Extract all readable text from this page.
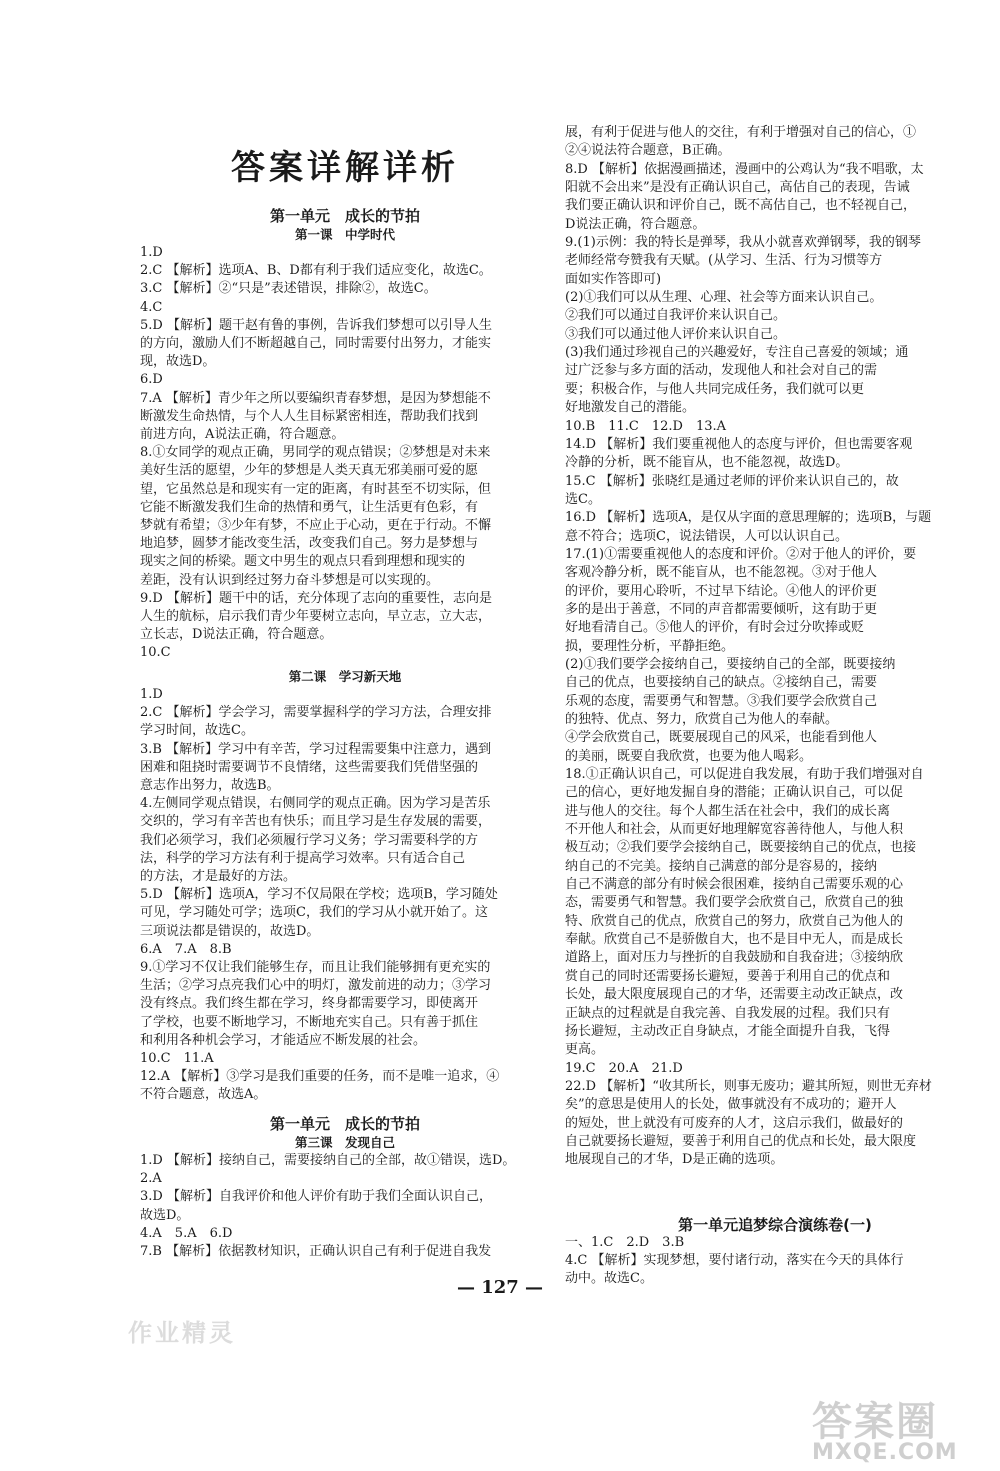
答案详解详析
第一单元　成长的节拍
第一课　中学时代
1.D
2.C 【解析】选项A、B、D都有利于我们适应变化，故选C。
3.C 【解析】②“只是”表述错误，排除②，故选C。
4.C
5.D 【解析】题干赵有鲁的事例，告诉我们梦想可以引导人生
的方向，激励人们不断超越自己，同时需要付出努力，才能实
现，故选D。
6.D
7.A 【解析】青少年之所以要编织青春梦想，是因为梦想能不
断激发生命热情，与个人人生目标紧密相连，帮助我们找到
前进方向，A说法正确，符合题意。
8.①女同学的观点正确，男同学的观点错误；②梦想是对未来
美好生活的愿望，少年的梦想是人类天真无邪美丽可爱的愿
望，它虽然总是和现实有一定的距离，有时甚至不切实际，但
它能不断激发我们生命的热情和勇气，让生活更有色彩，有
梦就有希望；③少年有梦，不应止于心动，更在于行动。不懈
地追梦，圆梦才能改变生活，改变我们自己。努力是梦想与
现实之间的桥梁。题文中男生的观点只看到理想和现实的
差距，没有认识到经过努力奋斗梦想是可以实现的。
9.D 【解析】题干中的话，充分体现了志向的重要性，志向是
人生的航标，启示我们青少年要树立志向，早立志，立大志，
立长志，D说法正确，符合题意。
10.C
第二课　学习新天地
1.D
2.C 【解析】学会学习，需要掌握科学的学习方法，合理安排
学习时间，故选C。
3.B 【解析】学习中有辛苦，学习过程需要集中注意力，遇到
困难和阻挠时需要调节不良情绪，这些需要我们凭借坚强的
意志作出努力，故选B。
4.左侧同学观点错误，右侧同学的观点正确。因为学习是苦乐
交织的，学习有辛苦也有快乐；而且学习是生存发展的需要，
我们必须学习，我们必须履行学习义务；学习需要科学的方
法，科学的学习方法有利于提高学习效率。只有适合自己
的方法，才是最好的方法。
5.D 【解析】选项A，学习不仅局限在学校；选项B，学习随处
可见，学习随处可学；选项C，我们的学习从小就开始了。这
三项说法都是错误的，故选D。
6.A　7.A　8.B
9.①学习不仅让我们能够生存，而且让我们能够拥有更充实的
生活；②学习点亮我们心中的明灯，激发前进的动力；③学习
没有终点。我们终生都在学习，终身都需要学习，即使离开
了学校，也要不断地学习，不断地充实自己。只有善于抓住
和利用各种机会学习，才能适应不断发展的社会。
10.C　11.A
12.A 【解析】③学习是我们重要的任务，而不是唯一追求，④
不符合题意，故选A。
第一单元　成长的节拍
第三课　发现自己
1.D 【解析】接纳自己，需要接纳自己的全部，故①错误，选D。
2.A
3.D 【解析】自我评价和他人评价有助于我们全面认识自己，
故选D。
4.A　5.A　6.D
7.B 【解析】依据教材知识，正确认识自己有利于促进自我发
展，有利于促进与他人的交往，有利于增强对自己的信心，①
②④说法符合题意，B正确。
8.D 【解析】依据漫画描述，漫画中的公鸡认为“我不唱歌，太
阳就不会出来”是没有正确认识自己，高估自己的表现，告诫
我们要正确认识和评价自己，既不高估自己，也不轻视自己，
D说法正确，符合题意。
9.(1)示例：我的特长是弹琴，我从小就喜欢弹钢琴，我的钢琴
老师经常夸赞我有天赋。(从学习、生活、行为习惯等方
面如实作答即可)
(2)①我们可以从生理、心理、社会等方面来认识自己。
②我们可以通过自我评价来认识自己。
③我们可以通过他人评价来认识自己。
(3)我们通过珍视自己的兴趣爱好，专注自己喜爱的领域；通
过广泛参与多方面的活动，发现他人和社会对自己的需
要；积极合作，与他人共同完成任务，我们就可以更
好地激发自己的潜能。
10.B　11.C　12.D　13.A
14.D 【解析】我们要重视他人的态度与评价，但也需要客观
冷静的分析，既不能盲从，也不能忽视，故选D。
15.C 【解析】张晓红是通过老师的评价来认识自己的，故
选C。
16.D 【解析】选项A，是仅从字面的意思理解的；选项B，与题
意不符合；选项C，说法错误，人可以认识自己。
17.(1)①需要重视他人的态度和评价。②对于他人的评价，要
客观冷静分析，既不能盲从，也不能忽视。③对于他人
的评价，要用心聆听，不过早下结论。④他人的评价更
多的是出于善意，不同的声音都需要倾听，这有助于更
好地看清自己。⑤他人的评价，有时会过分吹捧或贬
损，要理性分析，平静拒绝。
(2)①我们要学会接纳自己，要接纳自己的全部，既要接纳
自己的优点，也要接纳自己的缺点。②接纳自己，需要
乐观的态度，需要勇气和智慧。③我们要学会欣赏自己
的独特、优点、努力，欣赏自己为他人的奉献。
④学会欣赏自己，既要展现自己的风采，也能看到他人
的美丽，既要自我欣赏，也要为他人喝彩。
18.①正确认识自己，可以促进自我发展，有助于我们增强对自
己的信心，更好地发掘自身的潜能；正确认识自己，可以促
进与他人的交往。每个人都生活在社会中，我们的成长离
不开他人和社会，从而更好地理解宽容善待他人，与他人积
极互动；②我们要学会接纳自己，既要接纳自己的优点，也接
纳自己的不完美。接纳自己满意的部分是容易的，接纳
自己不满意的部分有时候会很困难，接纳自己需要乐观的心
态，需要勇气和智慧。我们要学会欣赏自己，欣赏自己的独
特、欣赏自己的优点，欣赏自己的努力，欣赏自己为他人的
奉献。欣赏自己不是骄傲自大，也不是目中无人，而是成长
道路上，面对压力与挫折的自我鼓励和自我奋进；③接纳欣
赏自己的同时还需要扬长避短，要善于利用自己的优点和
长处，最大限度展现自己的才华，还需要主动改正缺点，改
正缺点的过程就是自我完善、自我发展的过程。我们只有
扬长避短，主动改正自身缺点，才能全面提升自我，飞得
更高。
19.C　20.A　21.D
22.D 【解析】“收其所长，则事无废功；避其所短，则世无弃材
矣”的意思是使用人的长处，做事就没有不成功的；避开人
的短处，世上就没有可废弃的人才，这启示我们，做最好的
自己就要扬长避短，要善于利用自己的优点和长处，最大限度
地展现自己的才华，D是正确的选项。
第一单元追梦综合演练卷(一)
一、1.C　2.D　3.B
4.C 【解析】实现梦想，要付诸行动，落实在今天的具体行
动中。故选C。
— 127 —
作业精灵
答案圈
MXQE.COM
